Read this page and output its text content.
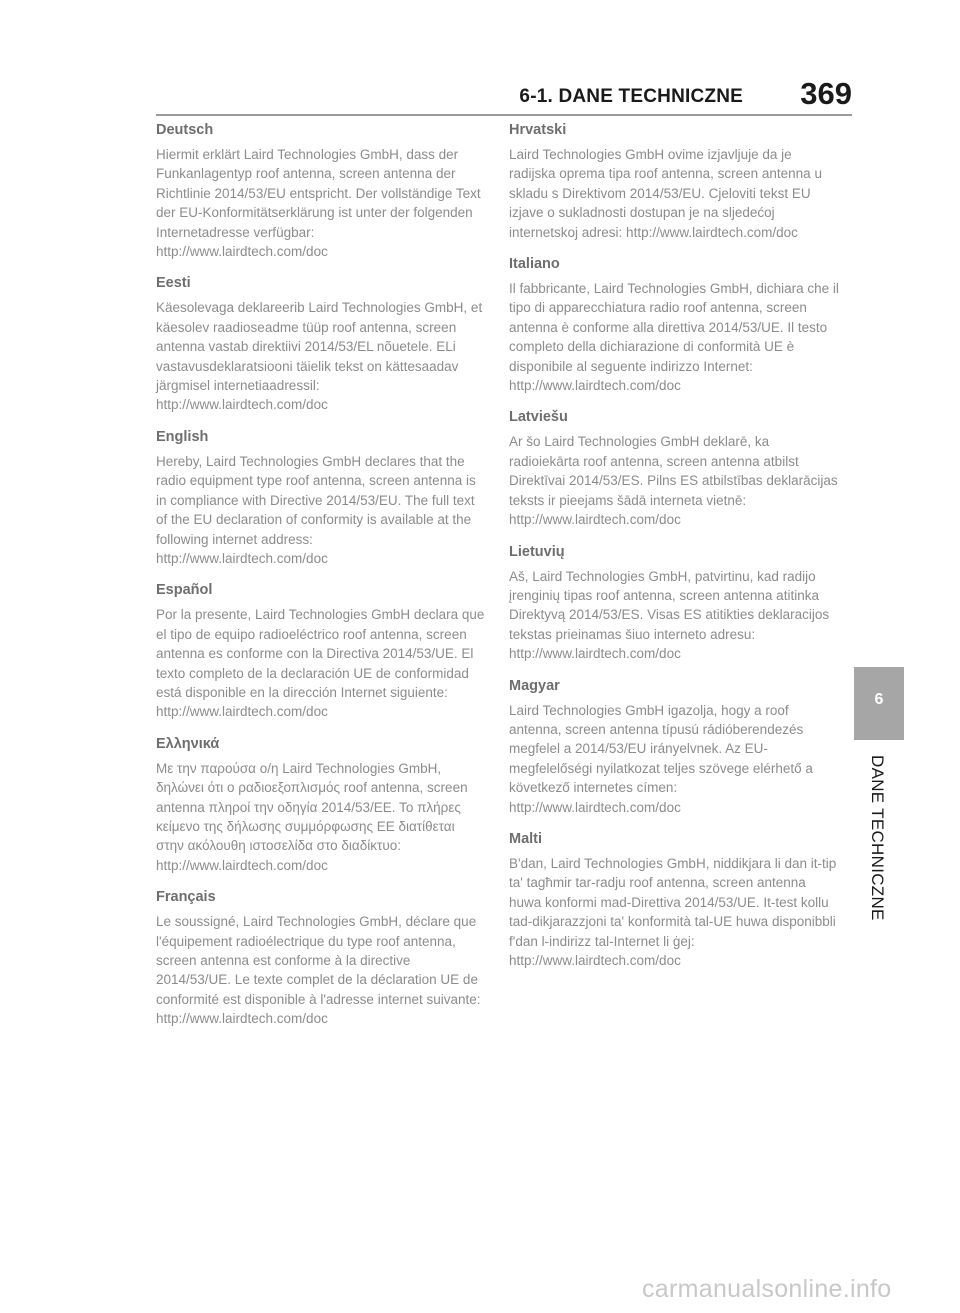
6-1. DANE TECHNICZNE 369
Deutsch

Hiermit erklärt Laird Technologies GmbH, dass der Funkanlagentyp roof antenna, screen antenna der Richtlinie 2014/53/EU entspricht. Der vollständige Text der EU-Konformitätserklärung ist unter der folgenden Internetadresse verfügbar: http://www.lairdtech.com/doc

Eesti

Käesolevaga deklareerib Laird Technologies GmbH, et käesolev raadioseadme tüüp roof antenna, screen antenna vastab direktiivi 2014/53/EL nõuetele. ELi vastavusdeklaratsiooni täielik tekst on kättesaadav järgmisel internetiaadressil: http://www.lairdtech.com/doc

English

Hereby, Laird Technologies GmbH declares that the radio equipment type roof antenna, screen antenna is in compliance with Directive 2014/53/EU. The full text of the EU declaration of conformity is available at the following internet address: http://www.lairdtech.com/doc

Español

Por la presente, Laird Technologies GmbH declara que el tipo de equipo radioeléctrico roof antenna, screen antenna es conforme con la Directiva 2014/53/UE. El texto completo de la declaración UE de conformidad está disponible en la dirección Internet siguiente: http://www.lairdtech.com/doc

Ελληνικά

Με την παρούσα ο/η Laird Technologies GmbH, δηλώνει ότι ο ραδιοεξοπλισμός roof antenna, screen antenna πληροί την οδηγία 2014/53/ΕΕ. Το πλήρες κείμενο της δήλωσης συμμόρφωσης ΕΕ διατίθεται στην ακόλουθη ιστοσελίδα στο διαδίκτυο: http://www.lairdtech.com/doc

Français

Le soussigné, Laird Technologies GmbH, déclare que l'équipement radioélectrique du type roof antenna, screen antenna est conforme à la directive 2014/53/UE. Le texte complet de la déclaration UE de conformité est disponible à l'adresse internet suivante: http://www.lairdtech.com/doc

Hrvatski

Laird Technologies GmbH ovime izjavljuje da je radijska oprema tipa roof antenna, screen antenna u skladu s Direktivom 2014/53/EU. Cjeloviti tekst EU izjave o sukladnosti dostupan je na sljedećoj internetskoj adresi: http://www.lairdtech.com/doc

Italiano

Il fabbricante, Laird Technologies GmbH, dichiara che il tipo di apparecchiatura radio roof antenna, screen antenna è conforme alla direttiva 2014/53/UE. Il testo completo della dichiarazione di conformità UE è disponibile al seguente indirizzo Internet: http://www.lairdtech.com/doc

Latviešu

Ar šo Laird Technologies GmbH deklarē, ka radioiekārta roof antenna, screen antenna atbilst Direktīvai 2014/53/ES. Pilns ES atbilstības deklarācijas teksts ir pieejams šādā interneta vietnē: http://www.lairdtech.com/doc

Lietuvių

Aš, Laird Technologies GmbH, patvirtinu, kad radijo įrenginių tipas roof antenna, screen antenna atitinka Direktyvą 2014/53/ES. Visas ES atitikties deklaracijos tekstas prieinamas šiuo interneto adresu: http://www.lairdtech.com/doc

Magyar

Laird Technologies GmbH igazolja, hogy a roof antenna, screen antenna típusú rádióberendezés megfelel a 2014/53/EU irányelvnek. Az EU-megfelelőségi nyilatkozat teljes szövege elérhető a következő internetes címen: http://www.lairdtech.com/doc

Malti

B'dan, Laird Technologies GmbH, niddikjara li dan it-tip ta' tagħmir tar-radju roof antenna, screen antenna huwa konformi mad-Direttiva 2014/53/UE. It-test kollu tad-dikjarazzjoni ta' konformità tal-UE huwa disponibbli f'dan l-indirizz tal-Internet li ġej: http://www.lairdtech.com/doc

6
DANE TECHNICZNE
carmanualsonline.info
